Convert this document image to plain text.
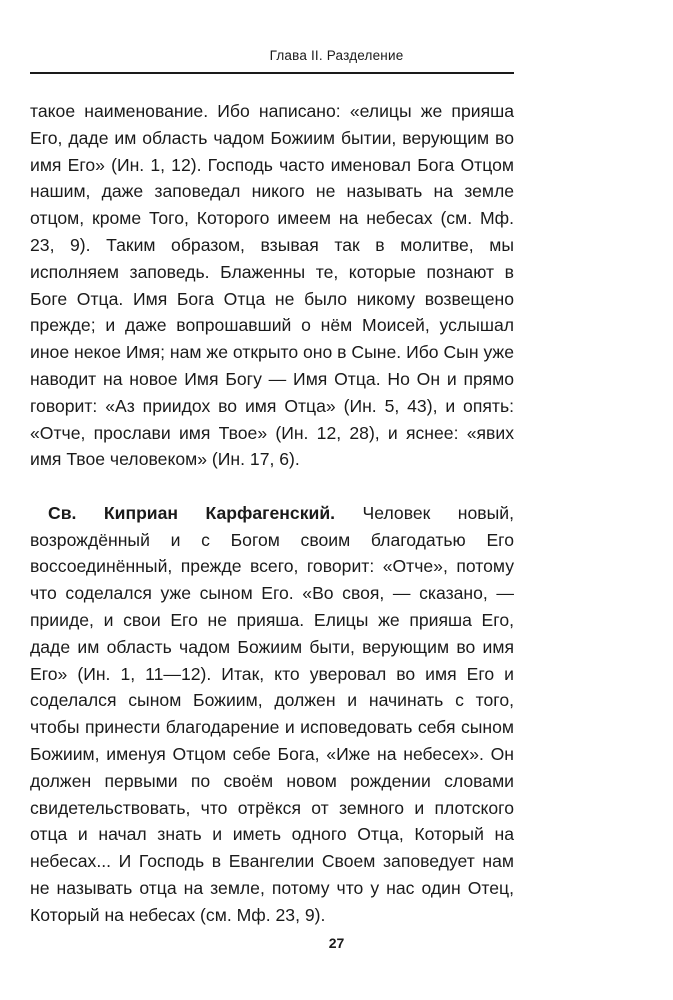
Глава II. Разделение

такое наименование. Ибо написано: «елицы же прияша Его, даде им область чадом Божиим бытии, верующим во имя Его» (Ин. 1, 12). Господь часто именовал Бога Отцом нашим, даже заповедал никого не называть на земле отцом, кроме Того, Которого имеем на небесах (см. Мф. 23, 9). Таким образом, взывая так в молитве, мы исполняем заповедь. Блаженны те, которые познают в Боге Отца. Имя Бога Отца не было никому возвещено прежде; и даже вопрошавший о нём Моисей, услышал иное некое Имя; нам же открыто оно в Сыне. Ибо Сын уже наводит на новое Имя Богу — Имя Отца. Но Он и прямо говорит: «Аз приидох во имя Отца» (Ин. 5, 43), и опять: «Отче, прослави имя Твое» (Ин. 12, 28), и яснее: «явих имя Твое человеком» (Ин. 17, 6).

Св. Киприан Карфагенский. Человек новый, возрождённый и с Богом своим благодатью Его воссоединённый, прежде всего, говорит: «Отче», потому что соделался уже сыном Его. «Во своя, — сказано, — прииде, и свои Его не прияша. Елицы же прияша Его, даде им область чадом Божиим быти, верующим во имя Его» (Ин. 1, 11—12). Итак, кто уверовал во имя Его и соделался сыном Божиим, должен и начинать с того, чтобы принести благодарение и исповедовать себя сыном Божиим, именуя Отцом себе Бога, «Иже на небесех». Он должен первыми по своём новом рождении словами свидетельствовать, что отрёкся от земного и плотского отца и начал знать и иметь одного Отца, Который на небесах... И Господь в Евангелии Своем заповедует нам не называть отца на земле, потому что у нас один Отец, Который на небесах (см. Мф. 23, 9).

27
